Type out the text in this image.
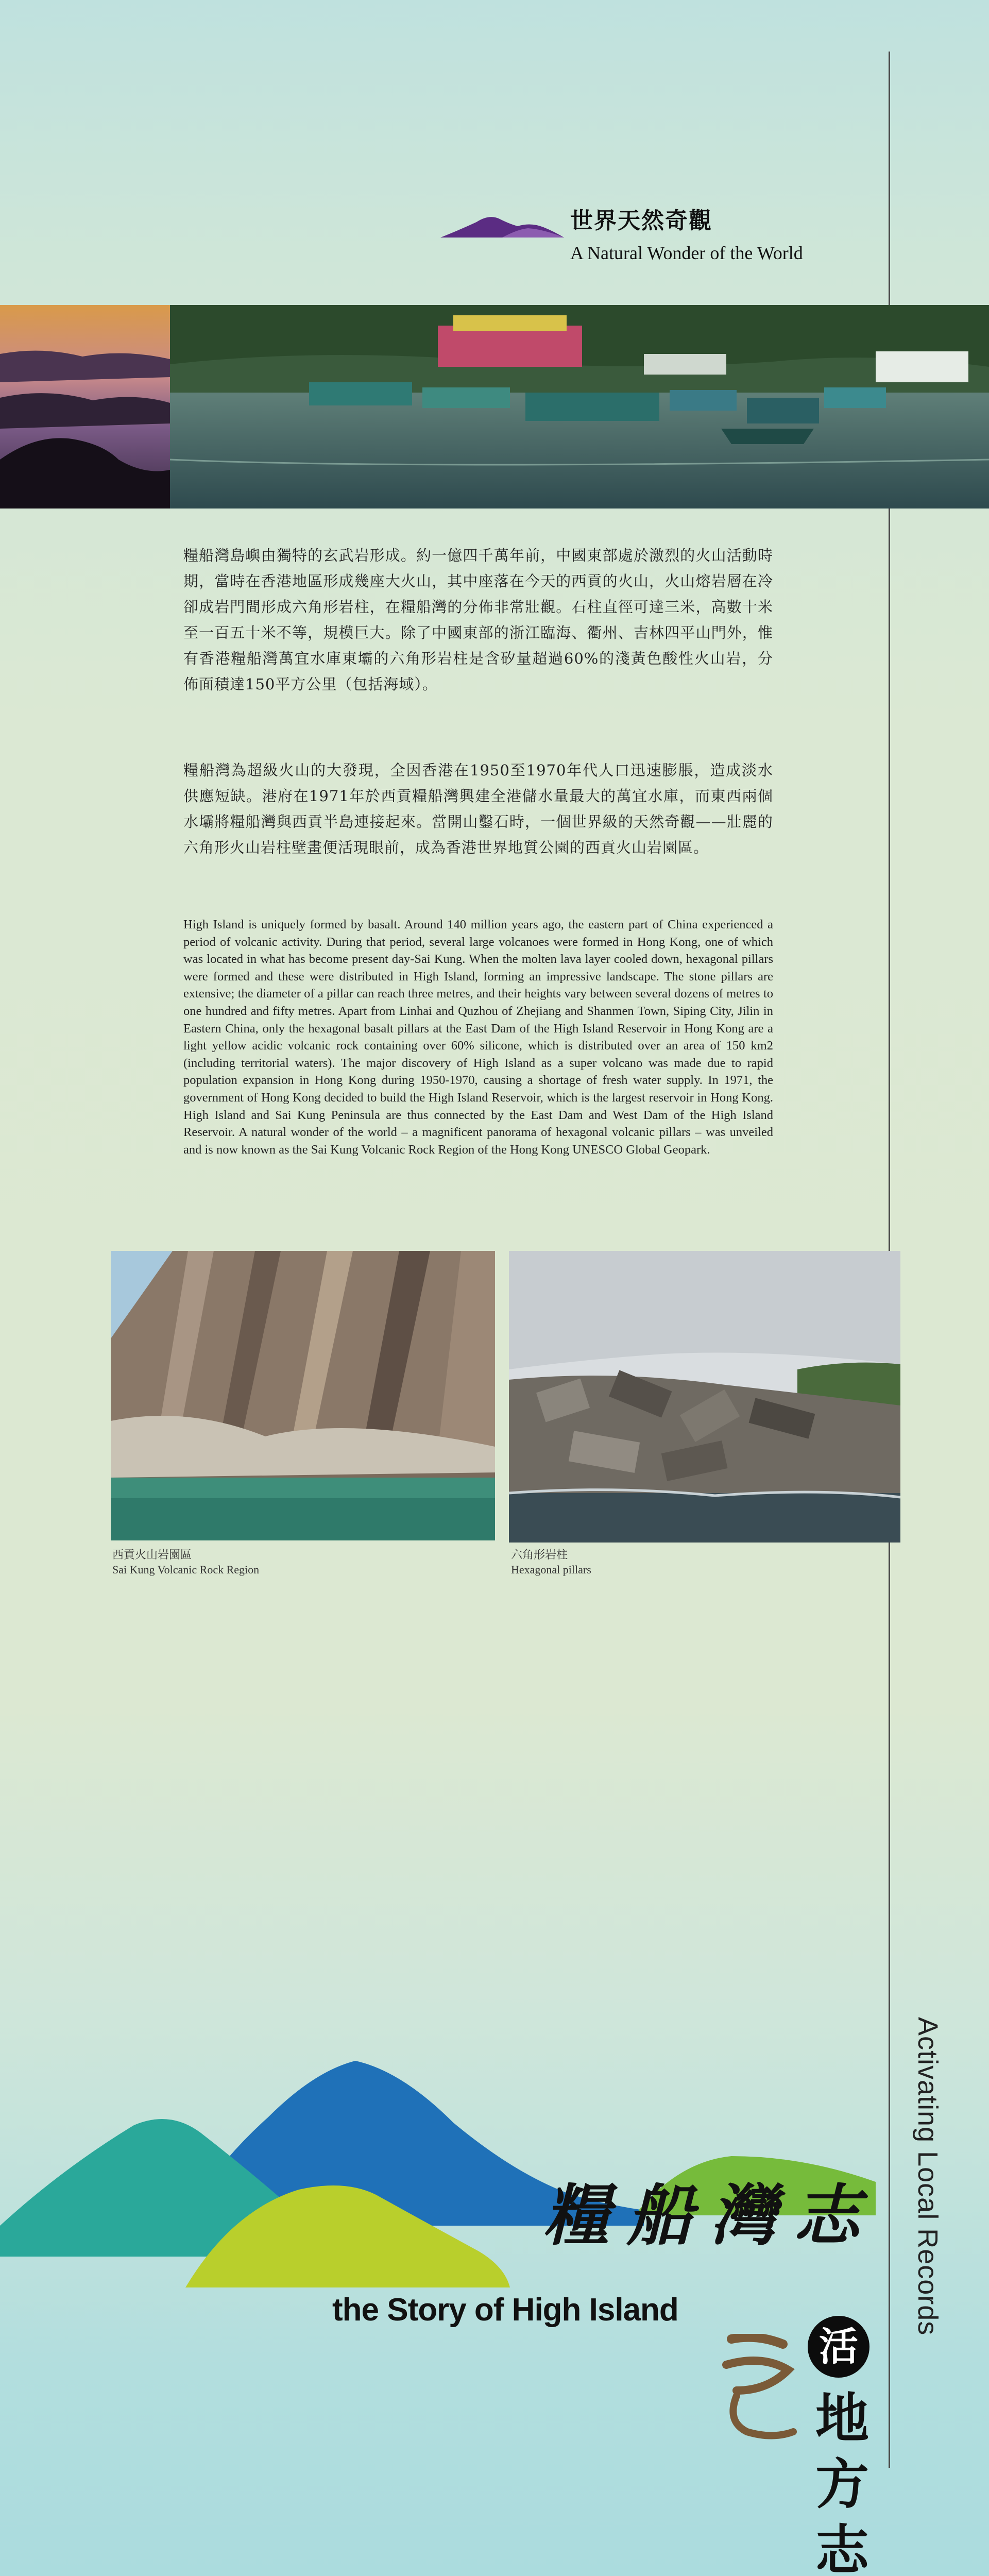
世界天然奇觀
A Natural Wonder of the World

糧船灣島嶼由獨特的玄武岩形成。約一億四千萬年前，中國東部處於激烈的火山活動時期，當時在香港地區形成幾座大火山，其中座落在今天的西貢的火山，火山熔岩層在冷卻成岩門間形成六角形岩柱，在糧船灣的分佈非常壯觀。石柱直徑可達三米，高數十米至一百五十米不等，規模巨大。除了中國東部的浙江臨海、衢州、吉林四平山門外，惟有香港糧船灣萬宜水庫東壩的六角形岩柱是含矽量超過60%的淺黃色酸性火山岩，分佈面積達150平方公里（包括海域）。

糧船灣為超級火山的大發現，全因香港在1950至1970年代人口迅速膨脹，造成淡水供應短缺。港府在1971年於西貢糧船灣興建全港儲水量最大的萬宜水庫，而東西兩個水壩將糧船灣與西貢半島連接起來。當開山鑿石時，一個世界級的天然奇觀——壯麗的六角形火山岩柱壁畫便活現眼前，成為香港世界地質公園的西貢火山岩園區。

High Island is uniquely formed by basalt. Around 140 million years ago, the eastern part of China experienced a period of volcanic activity. During that period, several large volcanoes were formed in Hong Kong, one of which was located in what has become present day-Sai Kung. When the molten lava layer cooled down, hexagonal pillars were formed and these were distributed in High Island, forming an impressive landscape. The stone pillars are extensive; the diameter of a pillar can reach three metres, and their heights vary between several dozens of metres to one hundred and fifty metres. Apart from Linhai and Quzhou of Zhejiang and Shanmen Town, Siping City, Jilin in Eastern China, only the hexagonal basalt pillars at the East Dam of the High Island Reservoir in Hong Kong are a light yellow acidic volcanic rock containing over 60% silicone, which is distributed over an area of 150 km2 (including territorial waters). The major discovery of High Island as a super volcano was made due to rapid population expansion in Hong Kong during 1950-1970, causing a shortage of fresh water supply. In 1971, the government of Hong Kong decided to build the High Island Reservoir, which is the largest reservoir in Hong Kong. High Island and Sai Kung Peninsula are thus connected by the East Dam and West Dam of the High Island Reservoir. A natural wonder of the world – a magnificent panorama of hexagonal volcanic pillars – was unveiled and is now known as the Sai Kung Volcanic Rock Region of the Hong Kong UNESCO Global Geopark.

西貢火山岩園區
Sai Kung Volcanic Rock Region
六角形岩柱
Hexagonal pillars
糧船灣志
the Story of High Island
活
地方志
Activating Local Records
